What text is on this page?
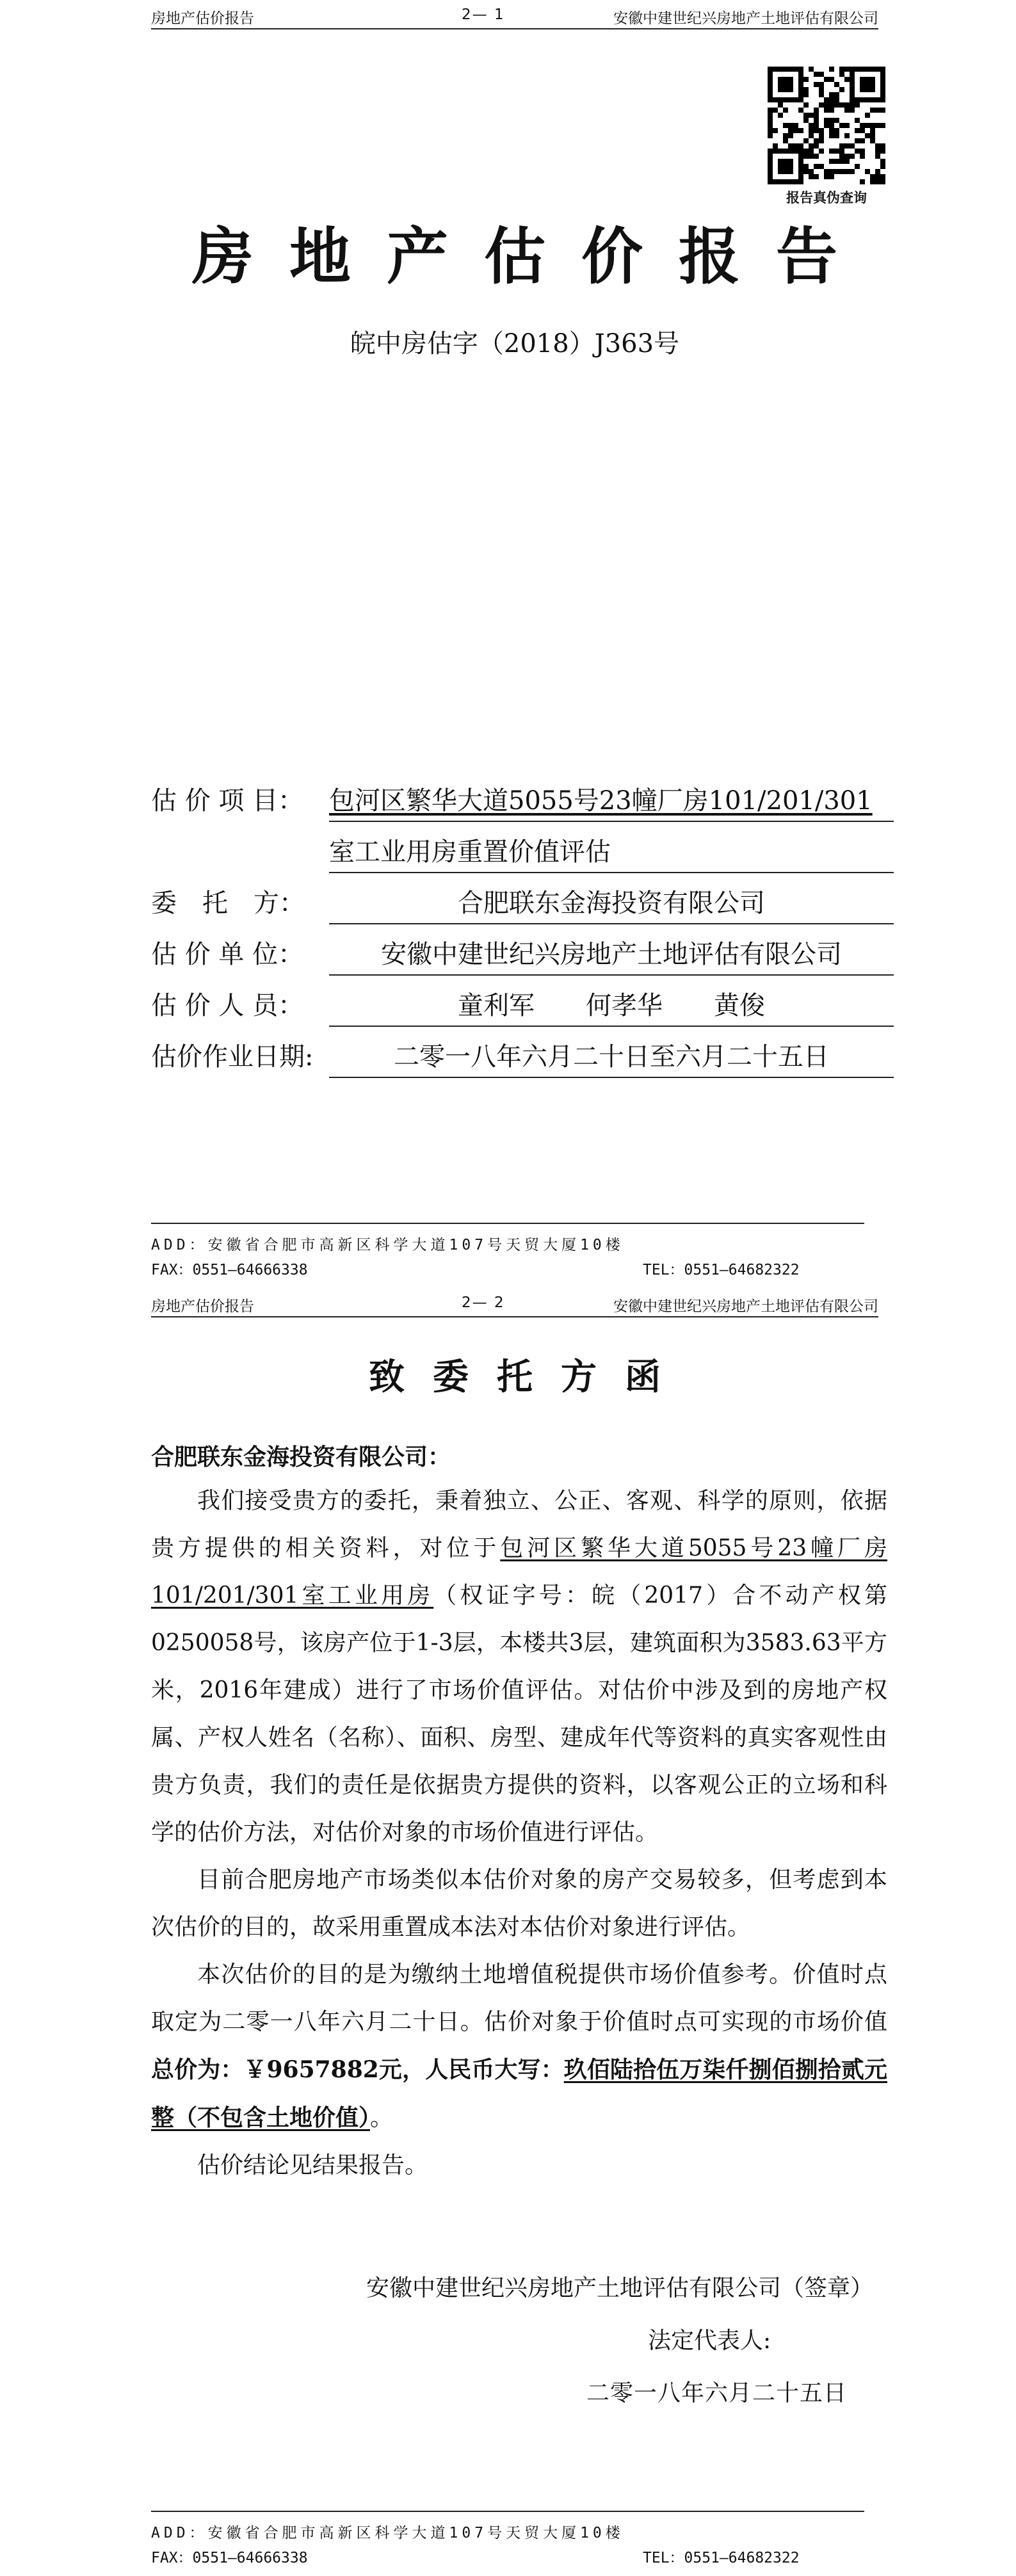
房地产估价报告	2— 1	安徽中建世纪兴房地产土地评估有限公司
报告真伪查询
房地产估价报告
皖中房估字（2018）J363号
估 价 项 目： 包河区繁华大道5055号23幢厂房101/201/301
室工业用房重置价值评估
委　托　方：	合肥联东金海投资有限公司
估 价 单 位：	安徽中建世纪兴房地产土地评估有限公司
估 价 人 员：	童利军　　何孝华　　黄俊
估价作业日期:	二零一八年六月二十日至六月二十五日
ADD：安徽省合肥市高新区科学大道107号天贸大厦10楼
FAX：0551—64666338	TEL：0551—64682322
房地产估价报告	2— 2	安徽中建世纪兴房地产土地评估有限公司
致委托方函
合肥联东金海投资有限公司：

我们接受贵方的委托，秉着独立、公正、客观、科学的原则，依据贵方提供的相关资料，对位于包河区繁华大道5055号23幢厂房101/201/301室工业用房（权证字号：皖（2017）合不动产权第0250058号，该房产位于1-3层，本楼共3层，建筑面积为3583.63平方米，2016年建成）进行了市场价值评估。对估价中涉及到的房地产权属、产权人姓名（名称）、面积、房型、建成年代等资料的真实客观性由贵方负责，我们的责任是依据贵方提供的资料，以客观公正的立场和科学的估价方法，对估价对象的市场价值进行评估。

目前合肥房地产市场类似本估价对象的房产交易较多，但考虑到本次估价的目的，故采用重置成本法对本估价对象进行评估。

本次估价的目的是为缴纳土地增值税提供市场价值参考。价值时点取定为二零一八年六月二十日。估价对象于价值时点可实现的市场价值总价为：￥9657882元，人民币大写：玖佰陆拾伍万柒仟捌佰捌拾贰元整（不包含土地价值）。

估价结论见结果报告。

安徽中建世纪兴房地产土地评估有限公司（签章）
法定代表人:
二零一八年六月二十五日
ADD：安徽省合肥市高新区科学大道107号天贸大厦10楼
FAX：0551—64666338	TEL：0551—64682322
